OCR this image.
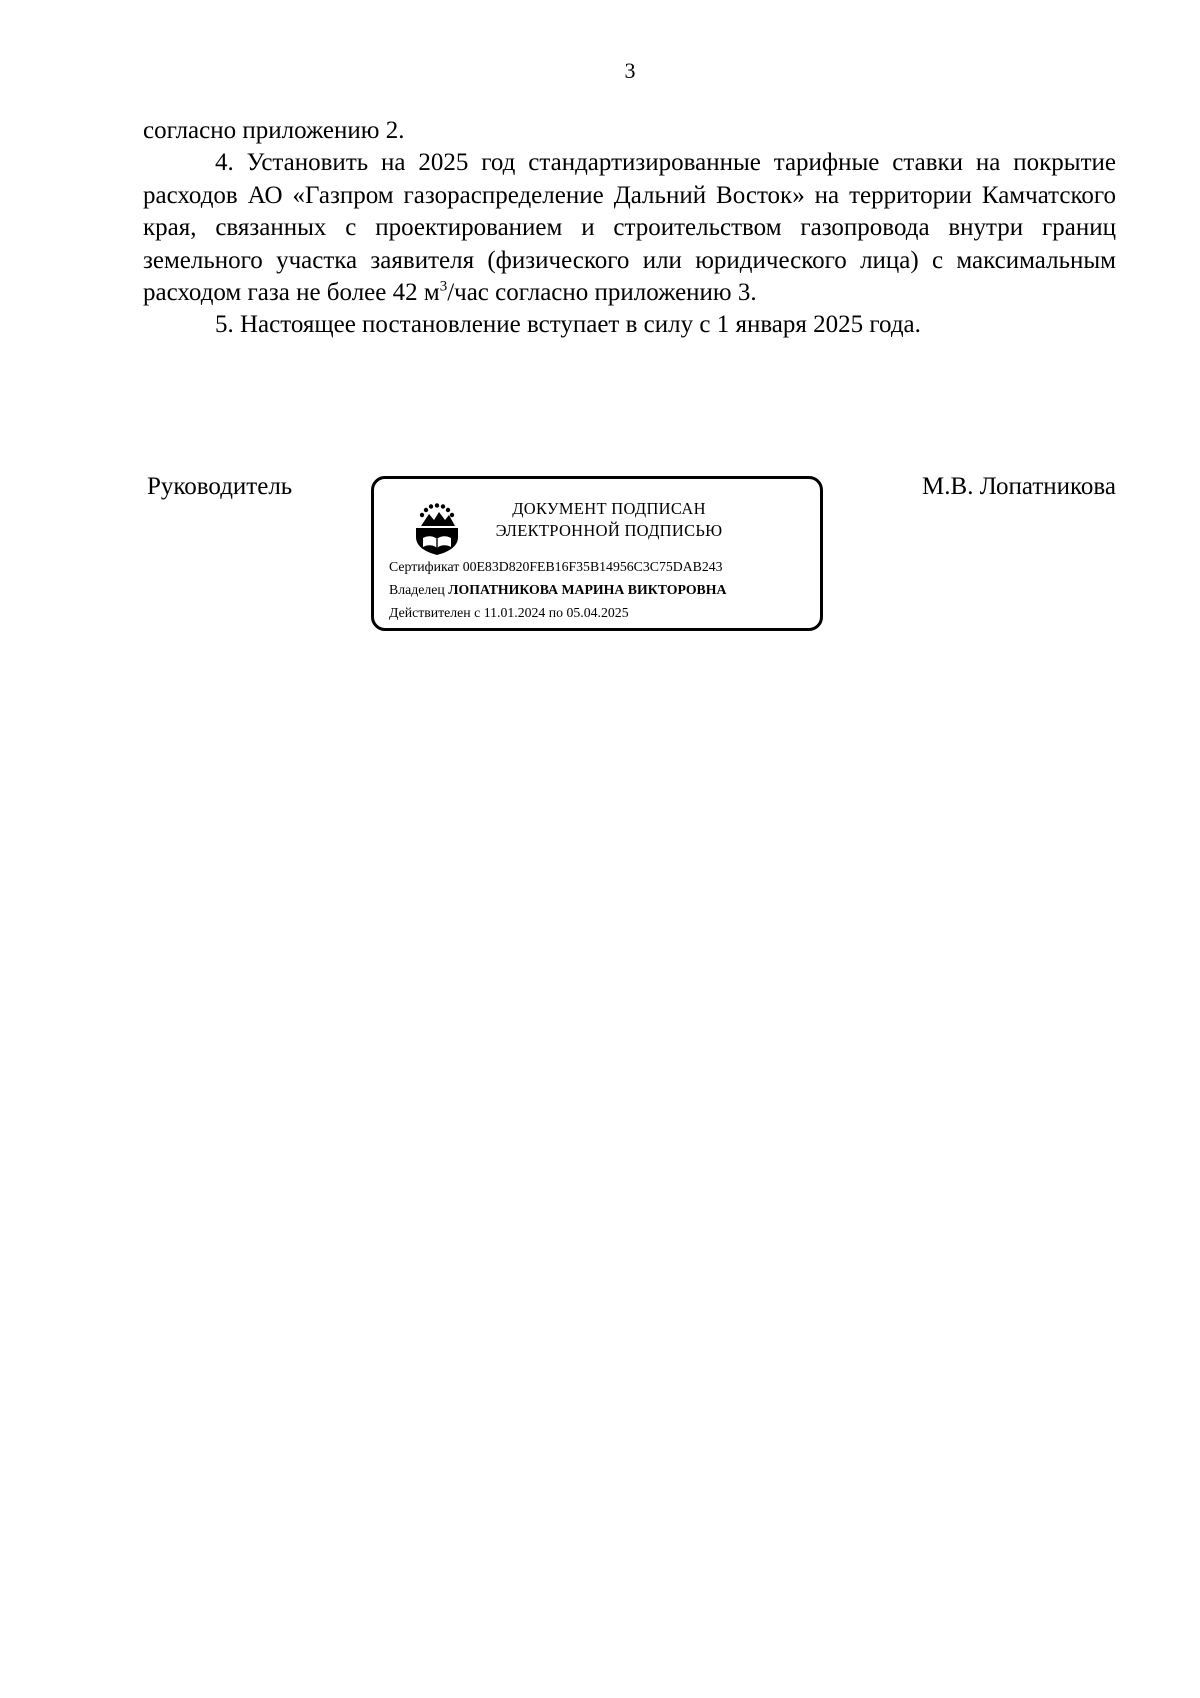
3

согласно приложению 2.

4. Установить на 2025 год стандартизированные тарифные ставки на покрытие расходов АО «Газпром газораспределение Дальний Восток» на территории Камчатского края, связанных с проектированием и строительством газопровода внутри границ земельного участка заявителя (физического или юридического лица) с максимальным расходом газа не более 42 $м^3$/час согласно приложению 3.

5. Настоящее постановление вступает в силу с 1 января 2025 года.

Руководитель	М.В. Лопатникова
ДОКУМЕНТ ПОДПИСАН
ЭЛЕКТРОННОЙ ПОДПИСЬЮ
Сертификат 00E83D820FEB16F35B14956C3C75DAB243
Владелец ЛОПАТНИКОВА МАРИНА ВИКТОРОВНА
Действителен с 11.01.2024 по 05.04.2025
